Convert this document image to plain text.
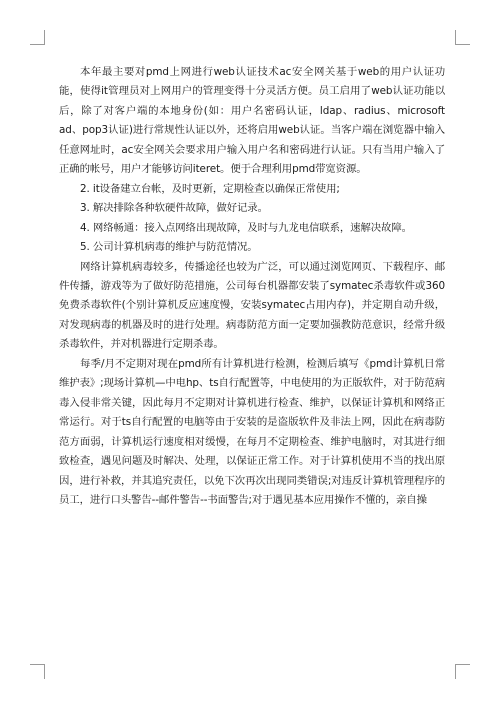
本年最主要对pmd上网进行web认证技术ac安全网关基于web的用户认证功能，使得it管理员对上网用户的管理变得十分灵活方便。员工启用了web认证功能以后，除了对客户端的本地身份(如：用户名密码认证，ldap、radius、microsoft ad、pop3认证)进行常规性认证以外，还将启用web认证。当客户端在浏览器中输入任意网址时，ac安全网关会要求用户输入用户名和密码进行认证。只有当用户输入了正确的帐号，用户才能够访问iteret。便于合理利用pmd带宽资源。

2. it设备建立台帐，及时更新，定期检查以确保正常使用;

3. 解决排除各种软硬件故障，做好记录。

4. 网络畅通：接入点网络出现故障，及时与九龙电信联系，速解决故障。

5. 公司计算机病毒的维护与防范情况。

网络计算机病毒较多，传播途径也较为广泛，可以通过浏览网页、下载程序、邮件传播，游戏等为了做好防范措施，公司每台机器都安装了symatec杀毒软件或360免费杀毒软件(个别计算机反应速度慢，安装symatec占用内存)，并定期自动升级，对发现病毒的机器及时的进行处理。病毒防范方面一定要加强教防范意识，经常升级杀毒软件，并对机器进行定期杀毒。

每季/月不定期对现在pmd所有计算机进行检测，检测后填写《pmd计算机日常维护表》;现场计算机—中电hp、ts自行配置等，中电使用的为正版软件，对于防范病毒入侵非常关键，因此每月不定期对计算机进行检查、维护，以保证计算机和网络正常运行。对于ts自行配置的电脑等由于安装的是盗版软件及非法上网，因此在病毒防范方面弱，计算机运行速度相对缓慢，在每月不定期检查、维护电脑时，对其进行细致检查，遇见问题及时解决、处理，以保证正常工作。对于计算机使用不当的找出原因，进行补救，并其追究责任，以免下次再次出现同类错误;对违反计算机管理程序的员工，进行口头警告--邮件警告--书面警告;对于遇见基本应用操作不懂的，亲自操
